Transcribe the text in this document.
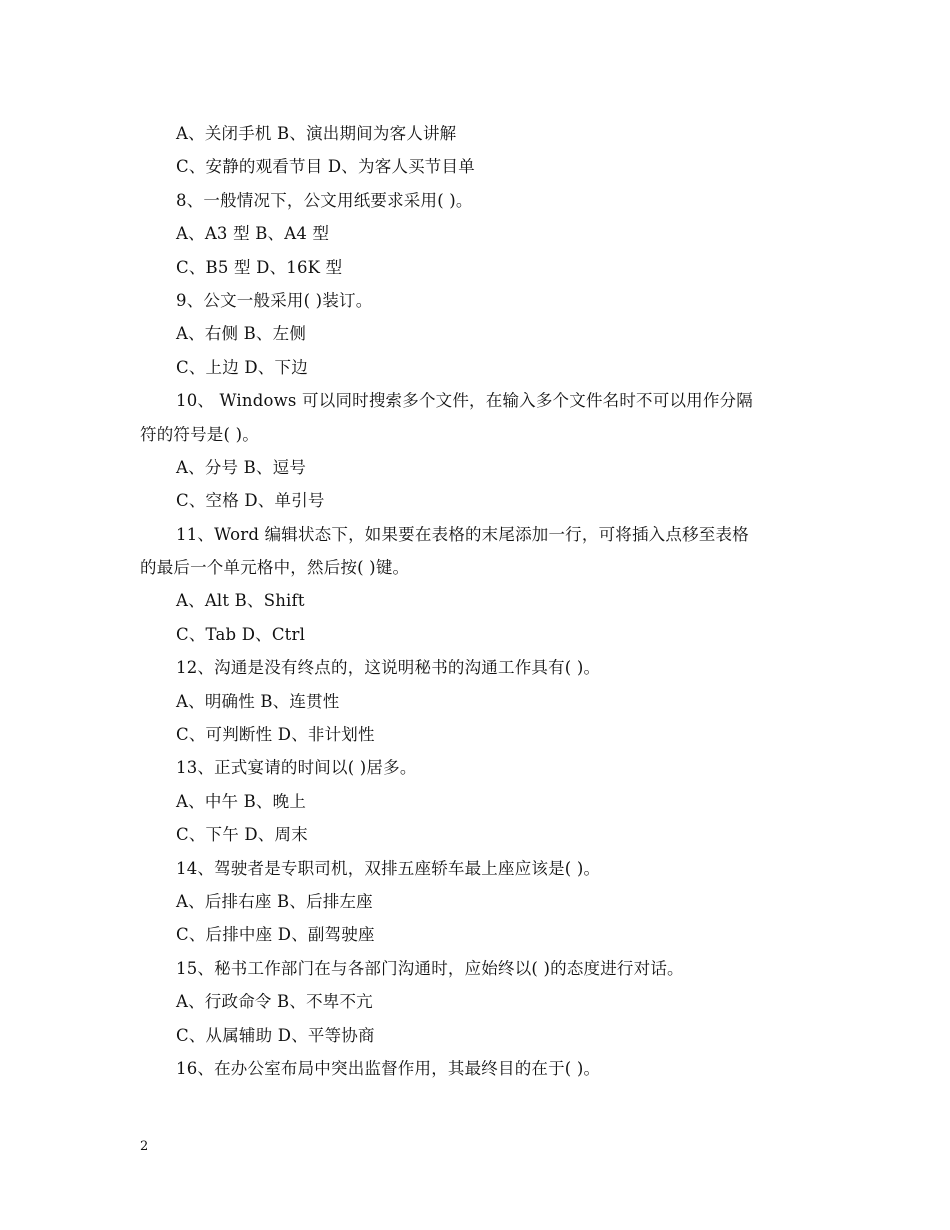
A、关闭手机 B、演出期间为客人讲解
C、安静的观看节目 D、为客人买节目单
8、一般情况下，公文用纸要求采用( )。
A、A3 型 B、A4 型
C、B5 型 D、16K 型
9、公文一般采用( )装订。
A、右侧 B、左侧
C、上边 D、下边
10、 Windows 可以同时搜索多个文件，在输入多个文件名时不可以用作分隔
符的符号是( )。
A、分号 B、逗号
C、空格 D、单引号
11、Word 编辑状态下，如果要在表格的末尾添加一行，可将插入点移至表格
的最后一个单元格中，然后按( )键。
A、Alt B、Shift
C、Tab D、Ctrl
12、沟通是没有终点的，这说明秘书的沟通工作具有( )。
A、明确性 B、连贯性
C、可判断性 D、非计划性
13、正式宴请的时间以( )居多。
A、中午 B、晚上
C、下午 D、周末
14、驾驶者是专职司机，双排五座轿车最上座应该是( )。
A、后排右座 B、后排左座
C、后排中座 D、副驾驶座
15、秘书工作部门在与各部门沟通时，应始终以( )的态度进行对话。
A、行政命令 B、不卑不亢
C、从属辅助 D、平等协商
16、在办公室布局中突出监督作用，其最终目的在于( )。
2
